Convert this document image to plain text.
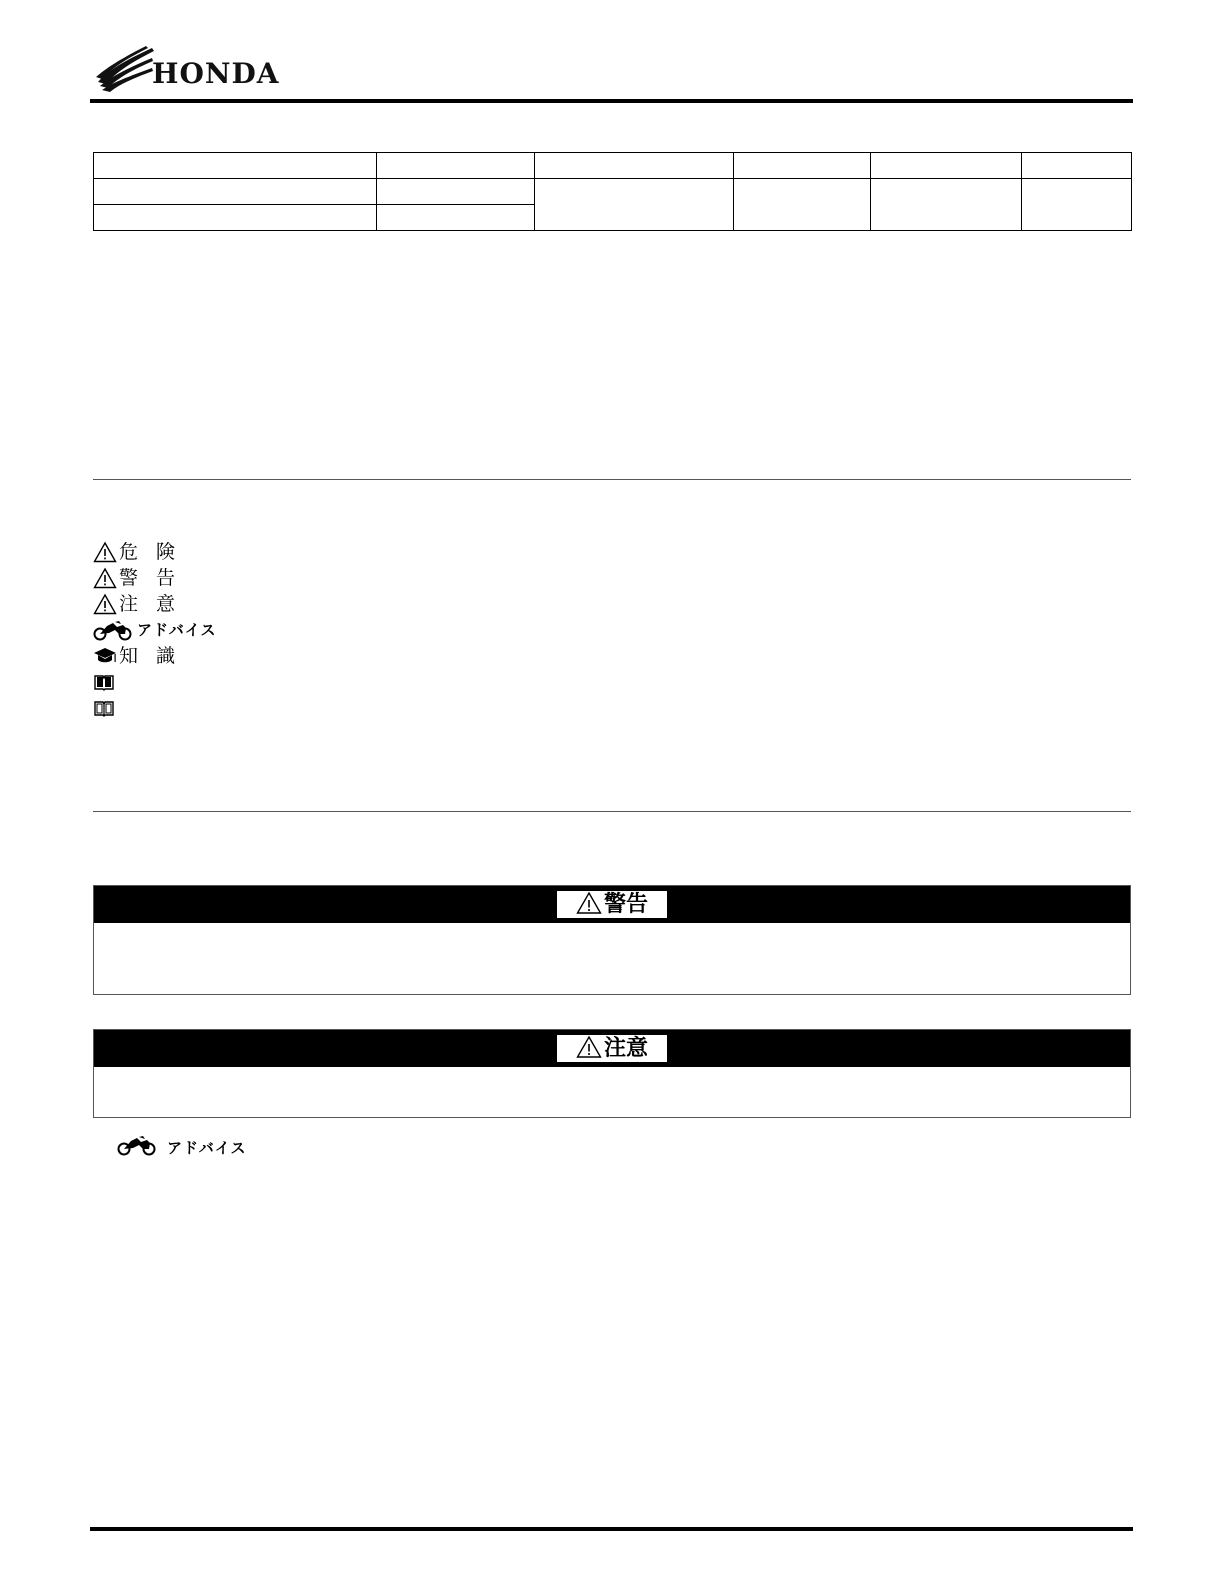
HONDA

危 険
警 告
注 意
アドバイス
知 識
警告
注意
アドバイス
